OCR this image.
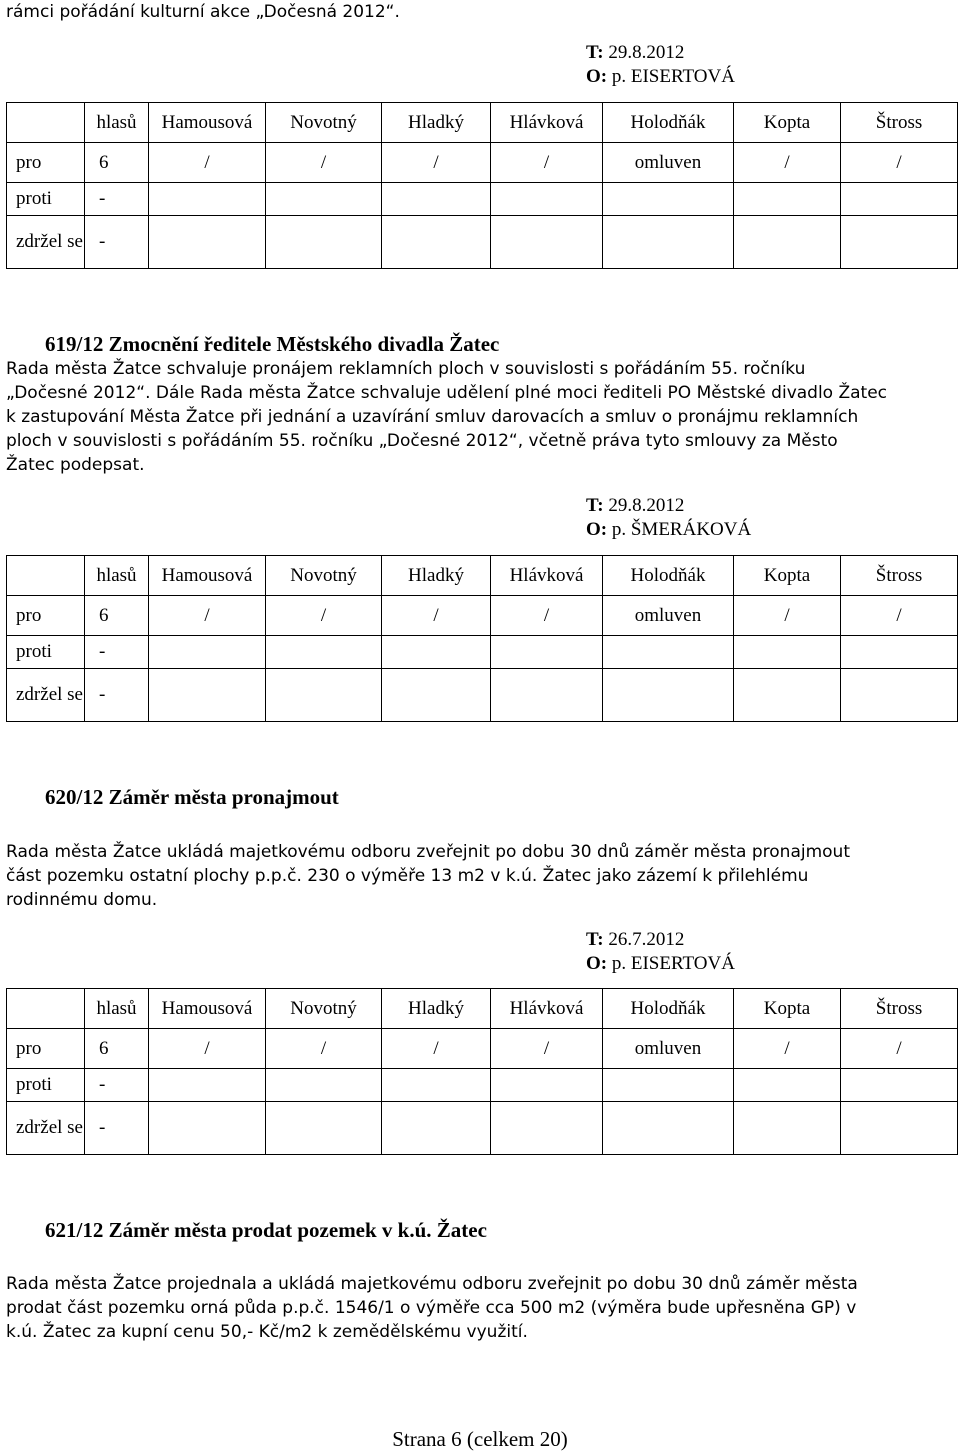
rámci pořádání kulturní akce „Dočesná 2012“.
T: 29.8.2012
O: p. EISERTOVÁ
	hlasů	Hamousová	Novotný	Hladký	Hlávková	Holodňák	Kopta	Štross
pro	6	/	/	/	/	omluven	/	/
proti	-							
zdržel se	-							
619/12 Zmocnění ředitele Městského divadla Žatec
Rada města Žatce schvaluje pronájem reklamních ploch v souvislosti s pořádáním 55. ročníku
„Dočesné 2012“. Dále Rada města Žatce schvaluje udělení plné moci řediteli PO Městské divadlo Žatec
k zastupování Města Žatce při jednání a uzavírání smluv darovacích a smluv o pronájmu reklamních
ploch v souvislosti s pořádáním 55. ročníku „Dočesné 2012“, včetně práva tyto smlouvy za Město
Žatec podepsat.
T: 29.8.2012
O: p. ŠMERÁKOVÁ
	hlasů	Hamousová	Novotný	Hladký	Hlávková	Holodňák	Kopta	Štross
pro	6	/	/	/	/	omluven	/	/
proti	-							
zdržel se	-							
620/12 Záměr města pronajmout
Rada města Žatce ukládá majetkovému odboru zveřejnit po dobu 30 dnů záměr města pronajmout
část pozemku ostatní plochy p.p.č. 230 o výměře 13 m2 v k.ú. Žatec jako zázemí k přilehlému
rodinnému domu.
T: 26.7.2012
O: p. EISERTOVÁ
	hlasů	Hamousová	Novotný	Hladký	Hlávková	Holodňák	Kopta	Štross
pro	6	/	/	/	/	omluven	/	/
proti	-							
zdržel se	-							
621/12 Záměr města prodat pozemek v k.ú. Žatec
Rada města Žatce projednala a ukládá majetkovému odboru zveřejnit po dobu 30 dnů záměr města
prodat část pozemku orná půda p.p.č. 1546/1 o výměře cca 500 m2 (výměra bude upřesněna GP) v
k.ú. Žatec za kupní cenu 50,- Kč/m2 k zemědělskému využití.
Strana 6 (celkem 20)
